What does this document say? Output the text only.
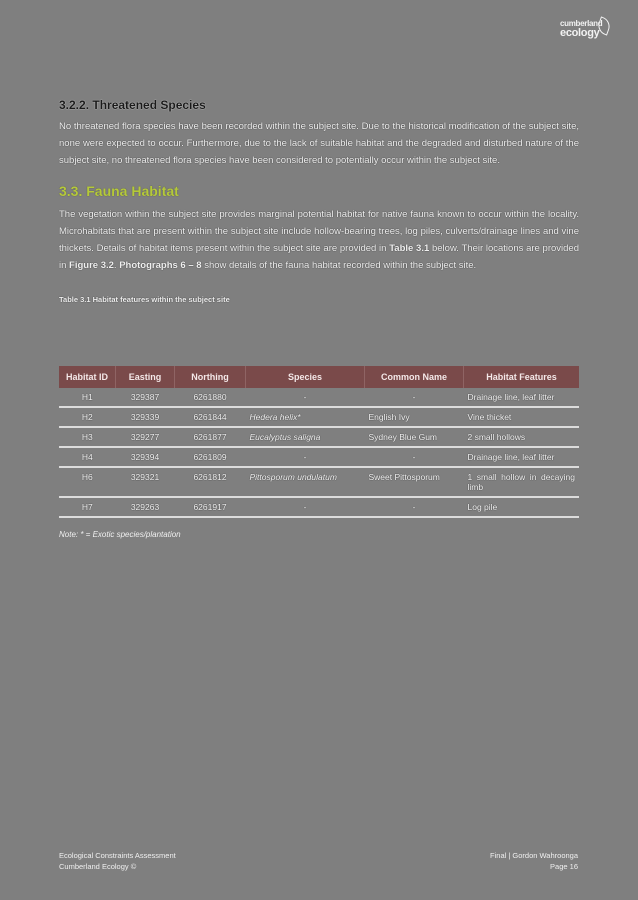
cumberland
ecology
3.2.2. Threatened Species

No threatened flora species have been recorded within the subject site. Due to the historical modification of the subject site, none were expected to occur. Furthermore, due to the lack of suitable habitat and the degraded and disturbed nature of the subject site, no threatened flora species have been considered to potentially occur within the subject site.

3.3. Fauna Habitat

The vegetation within the subject site provides marginal potential habitat for native fauna known to occur within the locality. Microhabitats that are present within the subject site include hollow-bearing trees, log piles, culverts/drainage lines and vine thickets. Details of habitat items present within the subject site are provided in Table 3.1 below. Their locations are provided in Figure 3.2. Photographs 6 – 8 show details of the fauna habitat recorded within the subject site.

Table 3.1 Habitat features within the subject site
Habitat ID	Easting	Northing	Species	Common Name	Habitat Features
H1	329387	6261880	-	-	Drainage line, leaf litter
H2	329339	6261844	Hedera helix*	English Ivy	Vine thicket
H3	329277	6261877	Eucalyptus saligna	Sydney Blue Gum	2 small hollows
H4	329394	6261809	-	-	Drainage line, leaf litter
H6	329321	6261812	Pittosporum undulatum	Sweet Pittosporum	1 small hollow in decaying limb
H7	329263	6261917	-	-	Log pile
Note: * = Exotic species/plantation
Ecological Constraints Assessment
Cumberland Ecology ©
Final | Gordon Wahroonga
Page 16
